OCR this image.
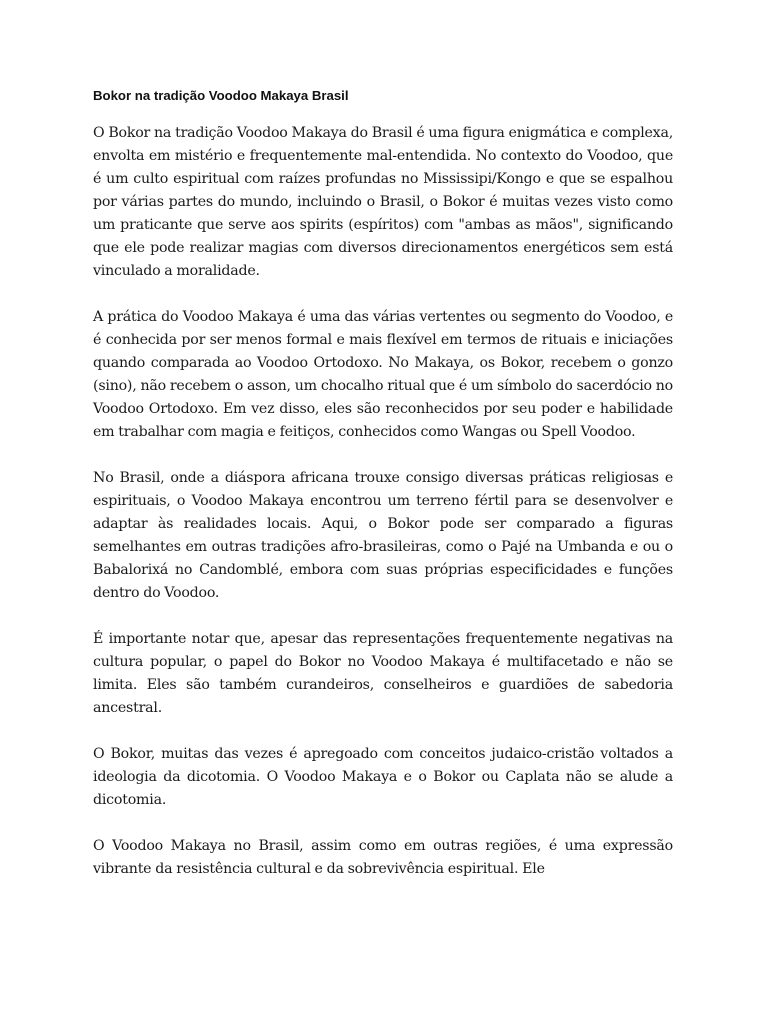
Bokor na tradição Voodoo Makaya Brasil

O Bokor na tradição Voodoo Makaya do Brasil é uma figura enigmática e complexa, envolta em mistério e frequentemente mal-entendida. No contexto do Voodoo, que é um culto espiritual com raízes profundas no Mississipi/Kongo e que se espalhou por várias partes do mundo, incluindo o Brasil, o Bokor é muitas vezes visto como um praticante que serve aos spirits (espíritos) com "ambas as mãos", significando que ele pode realizar magias com diversos direcionamentos energéticos sem está vinculado a moralidade.

A prática do Voodoo Makaya é uma das várias vertentes ou segmento do Voodoo, e é conhecida por ser menos formal e mais flexível em termos de rituais e iniciações quando comparada ao Voodoo Ortodoxo. No Makaya, os Bokor, recebem o gonzo (sino), não recebem o asson, um chocalho ritual que é um símbolo do sacerdócio no Voodoo Ortodoxo. Em vez disso, eles são reconhecidos por seu poder e habilidade em trabalhar com magia e feitiços, conhecidos como Wangas ou Spell Voodoo.

No Brasil, onde a diáspora africana trouxe consigo diversas práticas religiosas e espirituais, o Voodoo Makaya encontrou um terreno fértil para se desenvolver e adaptar às realidades locais. Aqui, o Bokor pode ser comparado a figuras semelhantes em outras tradições afro-brasileiras, como o Pajé na Umbanda e ou o Babalorixá no Candomblé, embora com suas próprias especificidades e funções dentro do Voodoo.

É importante notar que, apesar das representações frequentemente negativas na cultura popular, o papel do Bokor no Voodoo Makaya é multifacetado e não se limita. Eles são também curandeiros, conselheiros e guardiões de sabedoria ancestral.

O Bokor, muitas das vezes é apregoado com conceitos judaico-cristão voltados a ideologia da dicotomia. O Voodoo Makaya e o Bokor ou Caplata não se alude a dicotomia.

O Voodoo Makaya no Brasil, assim como em outras regiões, é uma expressão vibrante da resistência cultural e da sobrevivência espiritual. Ele
